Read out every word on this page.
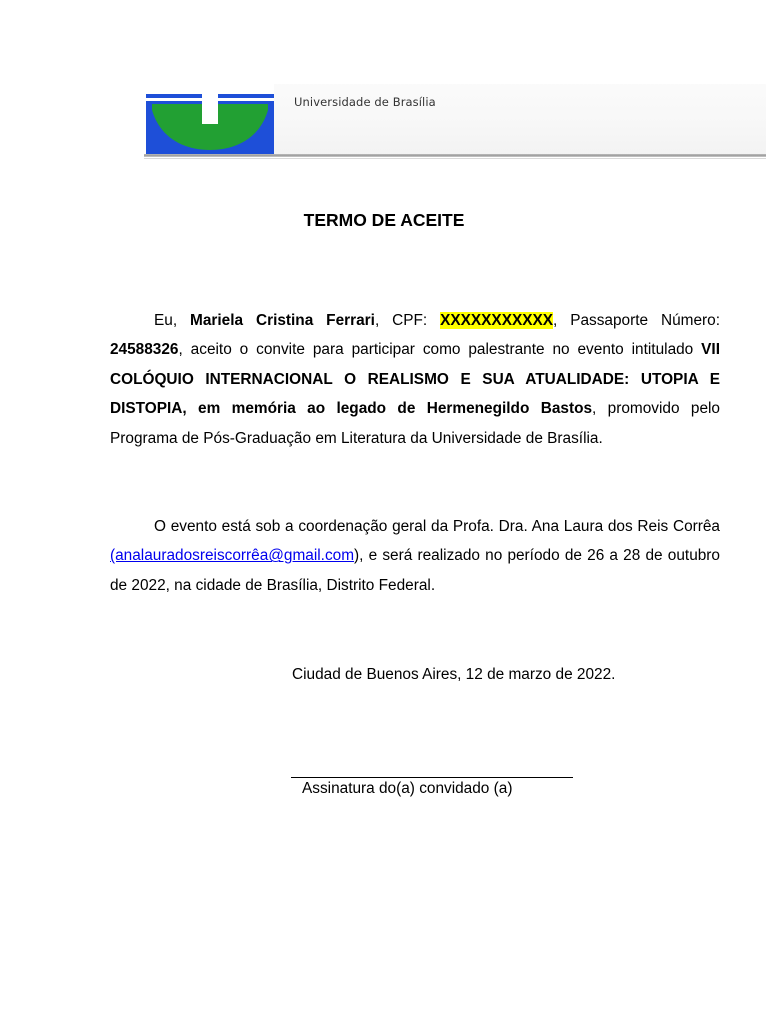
Universidade de Brasília
TERMO DE ACEITE

Eu, Mariela Cristina Ferrari, CPF: XXXXXXXXXXX, Passaporte Número: 24588326, aceito o convite para participar como palestrante no evento intitulado VII COLÓQUIO INTERNACIONAL O REALISMO E SUA ATUALIDADE: UTOPIA E DISTOPIA, em memória ao legado de Hermenegildo Bastos, promovido pelo Programa de Pós-Graduação em Literatura da Universidade de Brasília.

O evento está sob a coordenação geral da Profa. Dra. Ana Laura dos Reis Corrêa (analauradosreiscorrêa@gmail.com), e será realizado no período de 26 a 28 de outubro de 2022, na cidade de Brasília, Distrito Federal.

Ciudad de Buenos Aires, 12 de marzo de 2022.
Assinatura do(a) convidado (a)
